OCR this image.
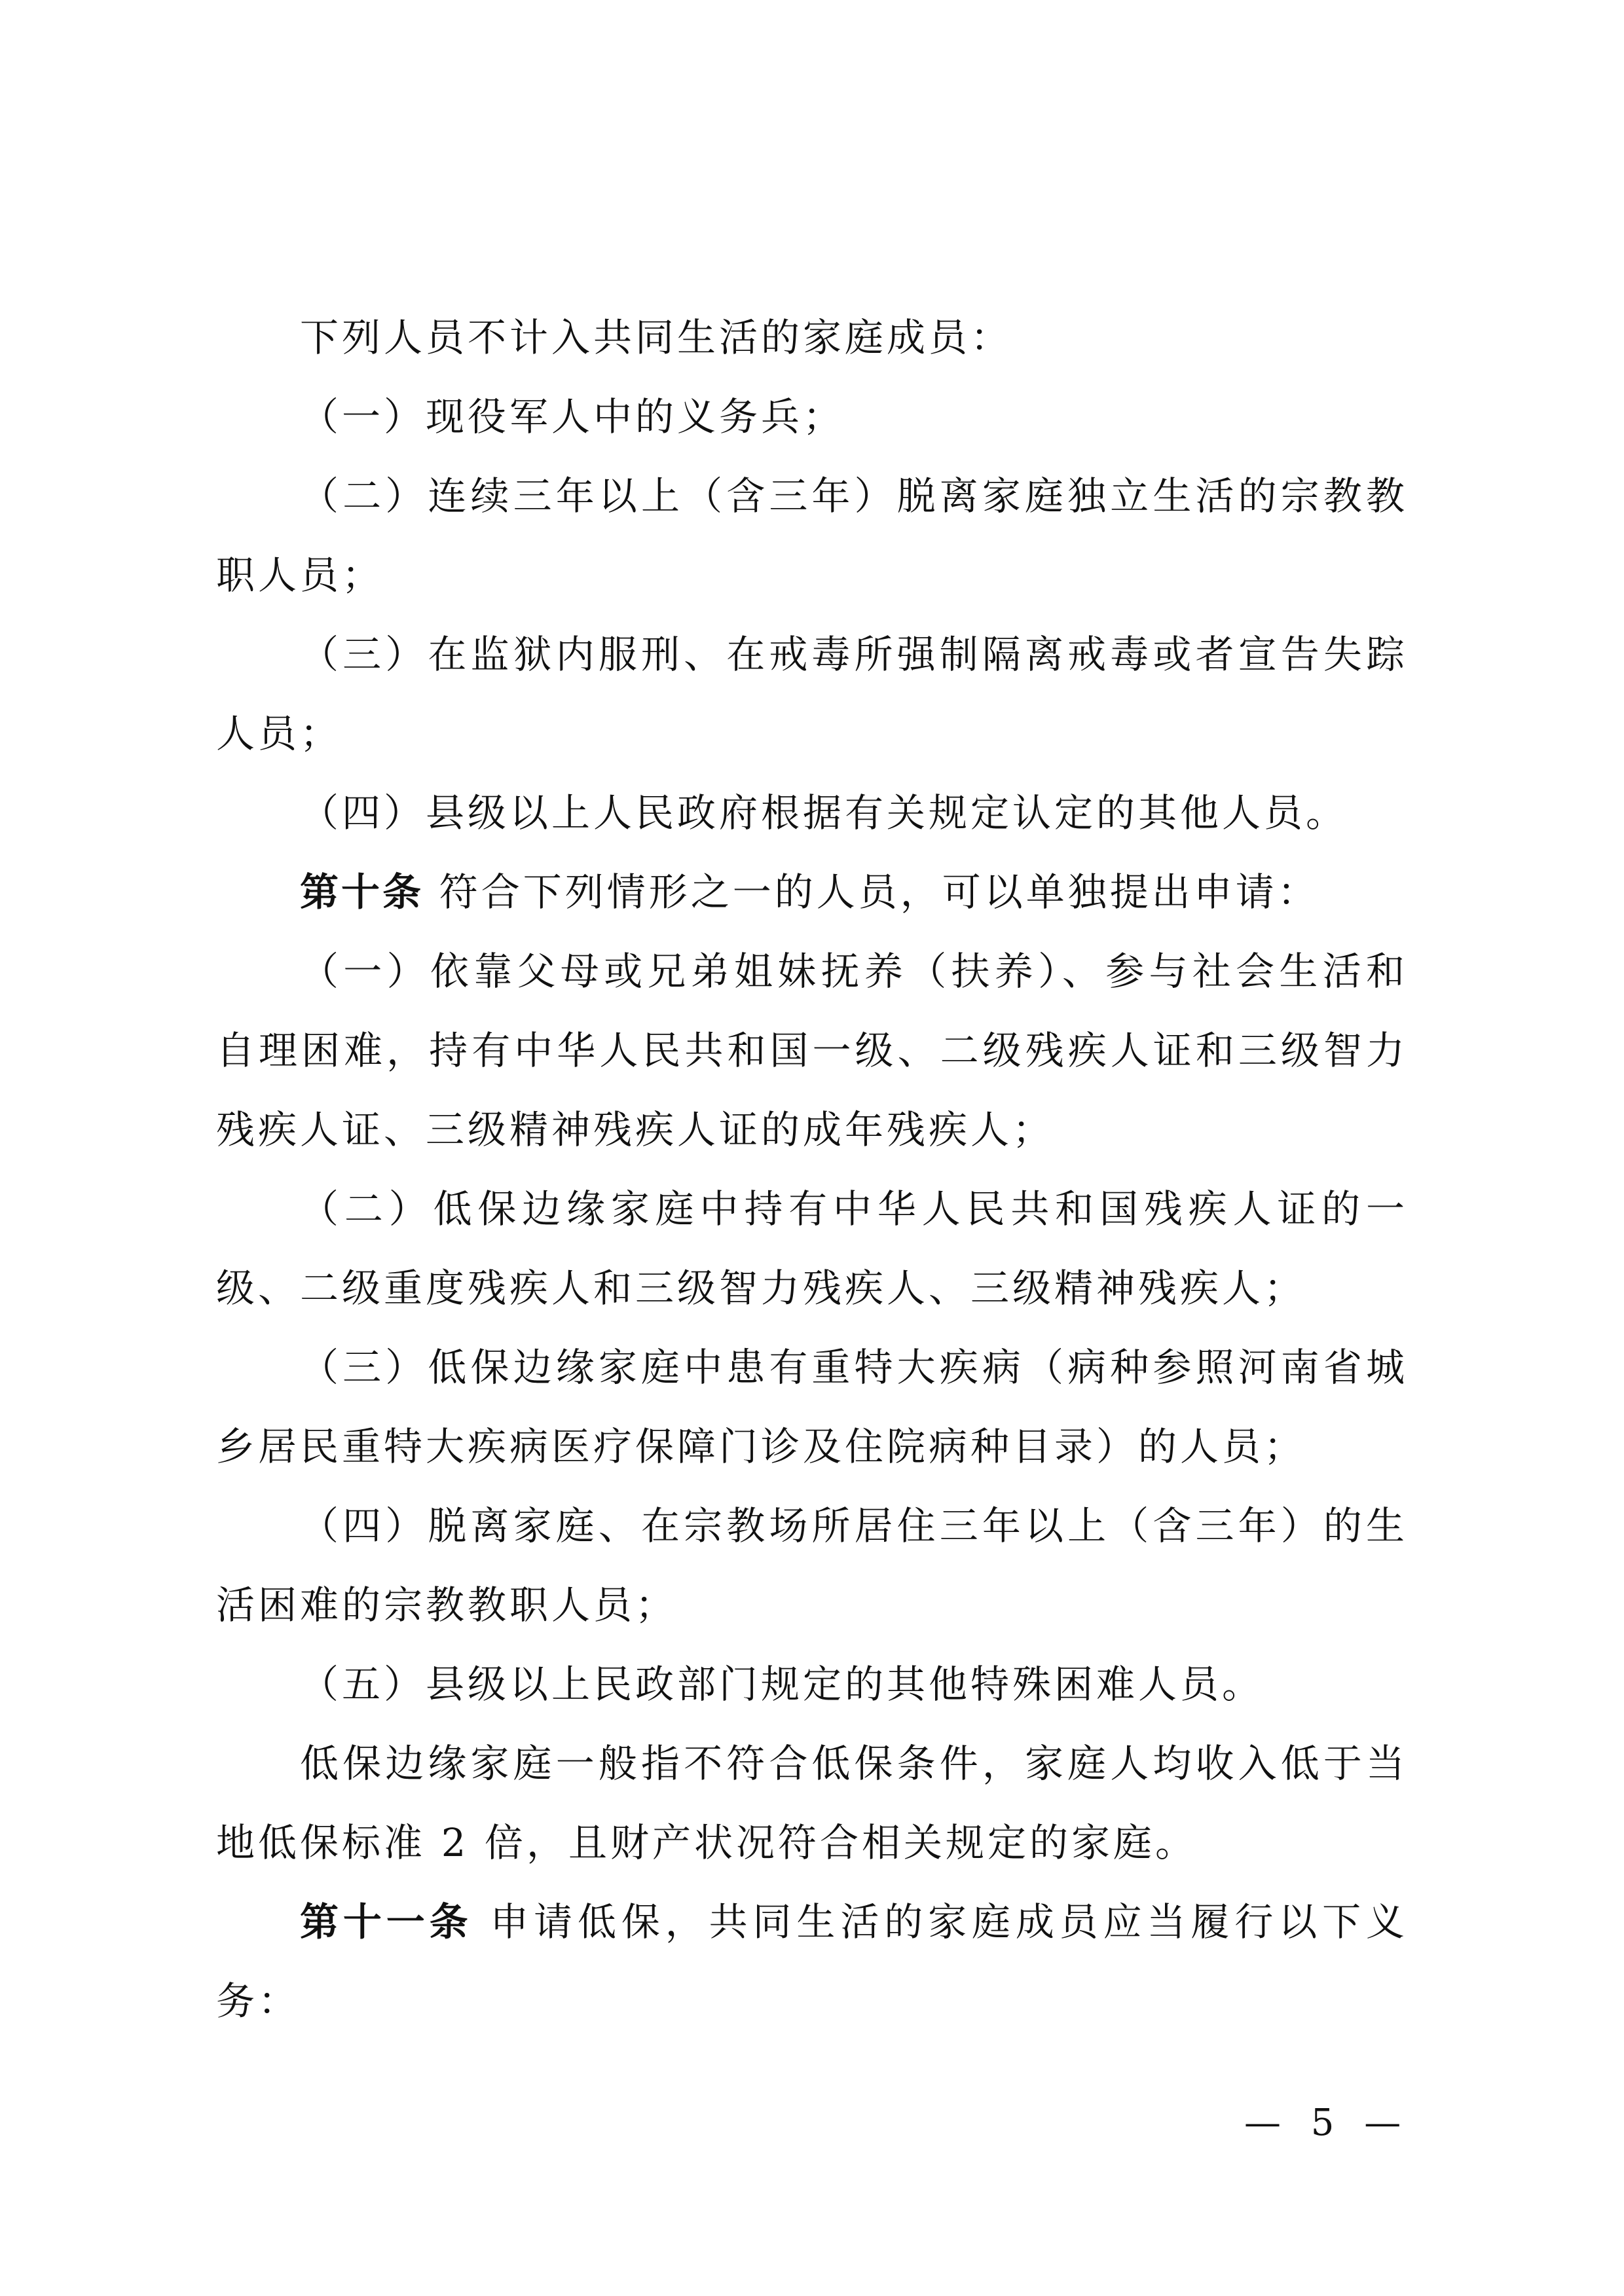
下列人员不计入共同生活的家庭成员：

（一）现役军人中的义务兵；

（二）连续三年以上（含三年）脱离家庭独立生活的宗教教职人员；

（三）在监狱内服刑、在戒毒所强制隔离戒毒或者宣告失踪人员；

（四）县级以上人民政府根据有关规定认定的其他人员。

第十条 符合下列情形之一的人员，可以单独提出申请：

（一）依靠父母或兄弟姐妹抚养（扶养）、参与社会生活和自理困难，持有中华人民共和国一级、二级残疾人证和三级智力残疾人证、三级精神残疾人证的成年残疾人；

（二）低保边缘家庭中持有中华人民共和国残疾人证的一级、二级重度残疾人和三级智力残疾人、三级精神残疾人；

（三）低保边缘家庭中患有重特大疾病（病种参照河南省城乡居民重特大疾病医疗保障门诊及住院病种目录）的人员；

（四）脱离家庭、在宗教场所居住三年以上（含三年）的生活困难的宗教教职人员；

（五）县级以上民政部门规定的其他特殊困难人员。

低保边缘家庭一般指不符合低保条件，家庭人均收入低于当地低保标准 2 倍，且财产状况符合相关规定的家庭。

第十一条 申请低保，共同生活的家庭成员应当履行以下义务：

— 5 —
